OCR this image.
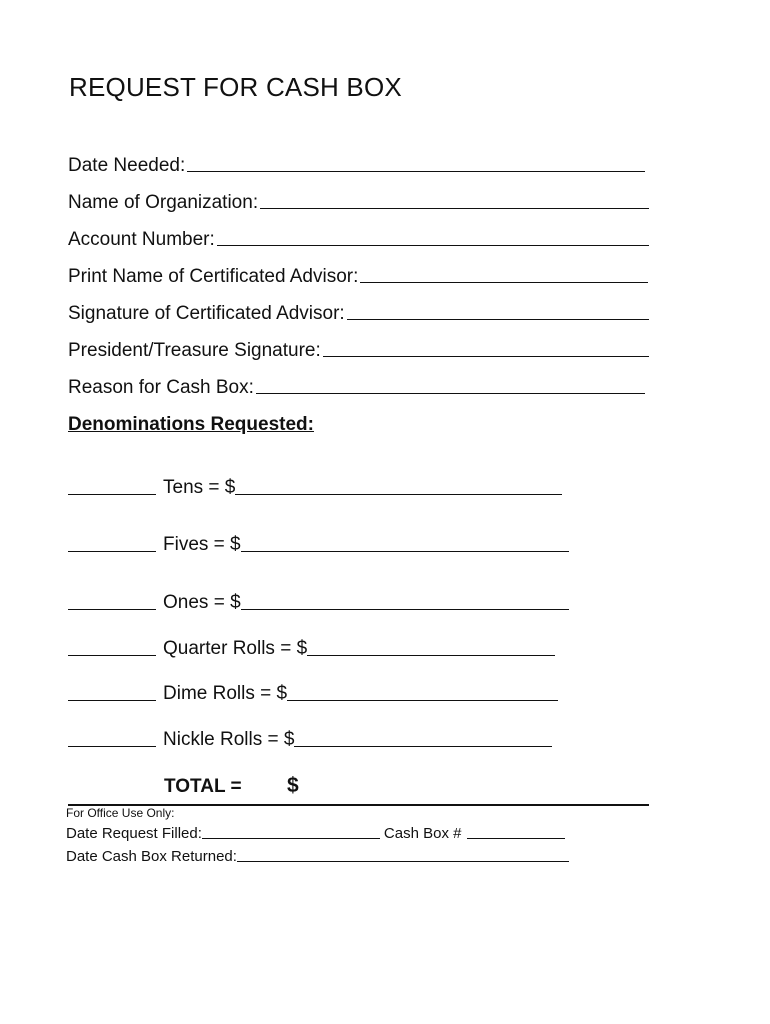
REQUEST FOR CASH BOX
Date Needed:
Name of Organization:
Account Number:
Print Name of Certificated Advisor:
Signature of Certificated Advisor:
President/Treasure Signature:
Reason for Cash Box:
Denominations Requested:
Tens = $
Fives = $
Ones = $
Quarter Rolls = $
Dime Rolls = $
Nickle Rolls = $
TOTAL = $
For Office Use Only:
Date Request Filled:	Cash Box #
Date Cash Box Returned:
